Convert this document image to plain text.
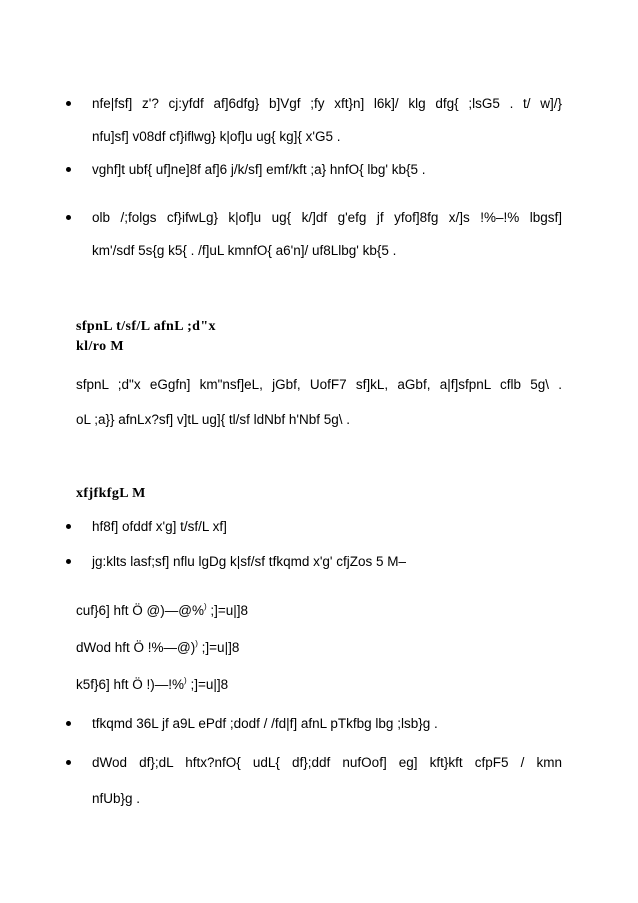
nfe|fsf] z'? cj:yfdf af]6dfg} b]Vgf ;fy xft}n] l6k]/ klg dfg{ ;lsG5 . t/ w]/}
nfu]sf] v08df cf}iflwg} k|of]u ug{ kg]{ x'G5 .
vghf]t ubf{ uf]ne]8f af]6 j/k/sf] emf/kft ;a} hnfO{ lbg' kb{5 .
olb /;folgs cf}ifwLg} k|of]u ug{ k/]df g'efg jf yfof]8fg x/]s !%–!% lbgsf]
km'/sdf 5s{g k5{ . /f]uL kmnfO{ a6'n]/ uf8Llbg' kb{5 .
sfpnL t/sf/L afnL ;d"x
kl/ro M
sfpnL ;d"x eGgfn] km"nsf]eL, jGbf, UofF7 sf]kL, aGbf, a|f]sfpnL cflb 5g\ .
oL ;a}} afnLx?sf] v]tL ug]{ tl/sf ldNbf h'Nbf 5g\ .
xfjfkfgL M
hf8f] ofddf x'g] t/sf/L xf]
jg:klts lasf;sf] nflu lgDg k|sf/sf tfkqmd x'g' cfjZos 5 M–
cuf}6] hft Ö @)—@%) ;]=u|]8
dWod hft Ö !%—@)) ;]=u|]8
k5f}6] hft Ö !)—!%) ;]=u|]8
tfkqmd 36L jf a9L ePdf ;dodf / /fd|f] afnL pTkfbg lbg ;lsb}g .
dWod df};dL hftx?nfO{ udL{ df};ddf nufOof] eg] kft}kft cfpF5 / kmn
nfUb}g .
